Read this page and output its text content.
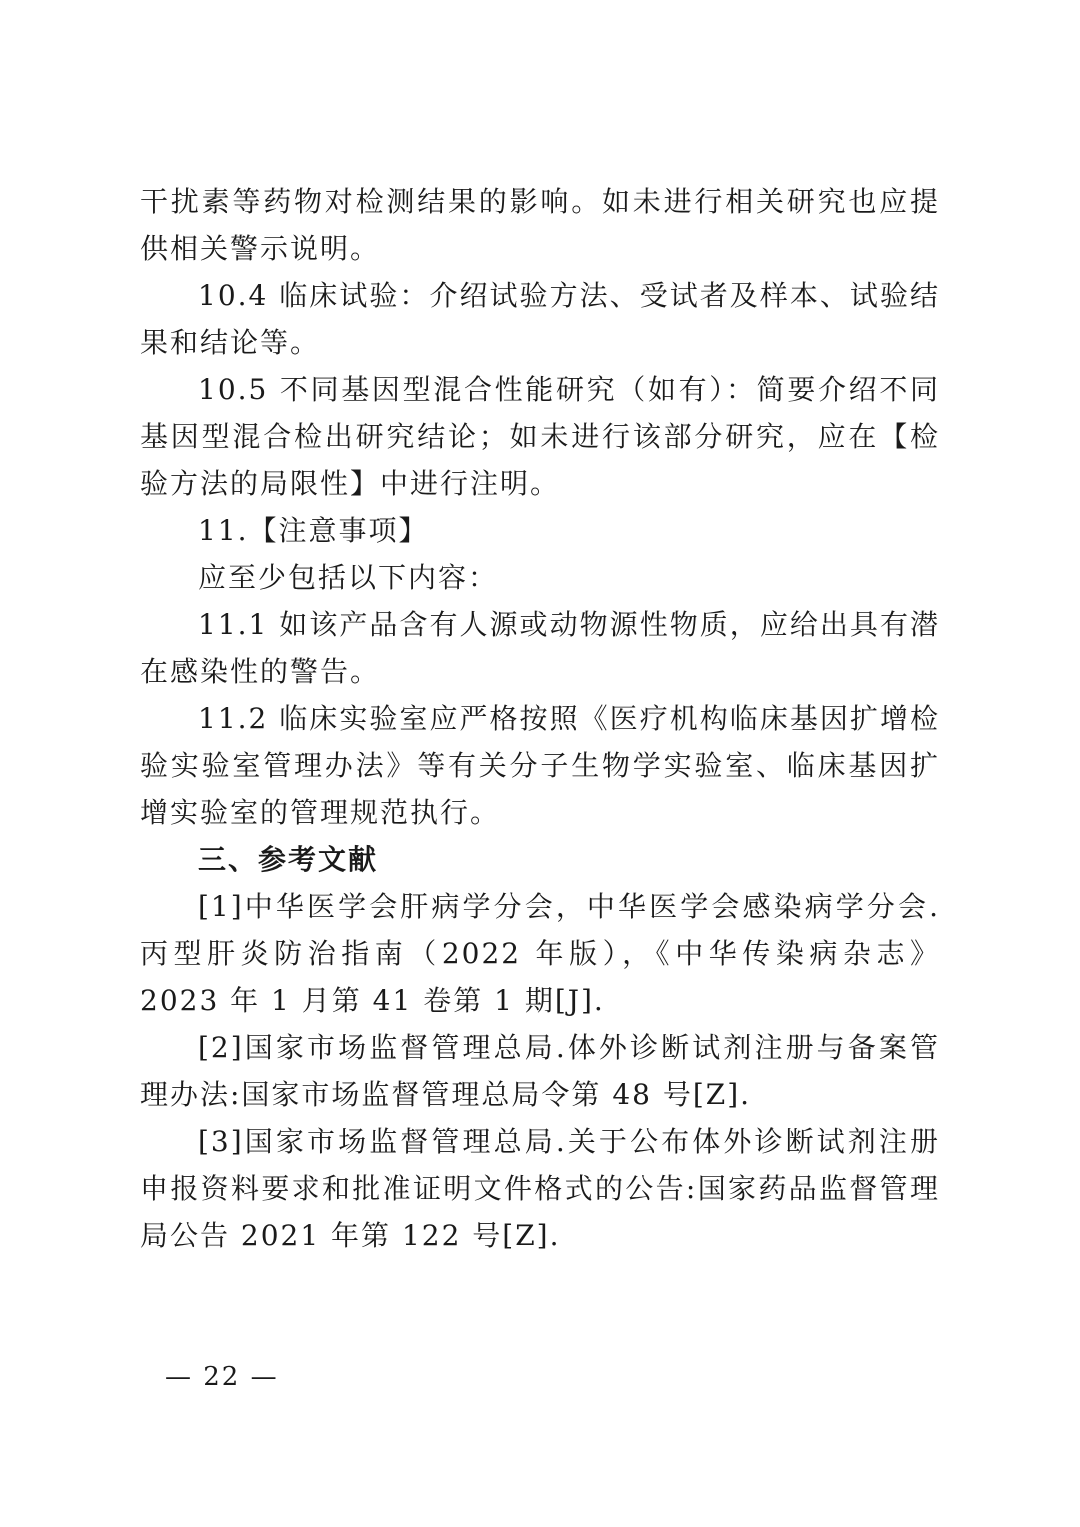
干扰素等药物对检测结果的影响。如未进行相关研究也应提供相关警示说明。

10.4 临床试验：介绍试验方法、受试者及样本、试验结果和结论等。

10.5 不同基因型混合性能研究（如有）：简要介绍不同基因型混合检出研究结论；如未进行该部分研究，应在【检验方法的局限性】中进行注明。

11.【注意事项】

应至少包括以下内容：

11.1 如该产品含有人源或动物源性物质，应给出具有潜在感染性的警告。

11.2 临床实验室应严格按照《医疗机构临床基因扩增检验实验室管理办法》等有关分子生物学实验室、临床基因扩增实验室的管理规范执行。

三、参考文献

[1]中华医学会肝病学分会，中华医学会感染病学分会.丙型肝炎防治指南（2022 年版），《中华传染病杂志》2023 年 1 月第 41 卷第 1 期[J].

[2]国家市场监督管理总局.体外诊断试剂注册与备案管理办法:国家市场监督管理总局令第 48 号[Z].

[3]国家市场监督管理总局.关于公布体外诊断试剂注册申报资料要求和批准证明文件格式的公告:国家药品监督管理局公告 2021 年第 122 号[Z].

— 22 —
